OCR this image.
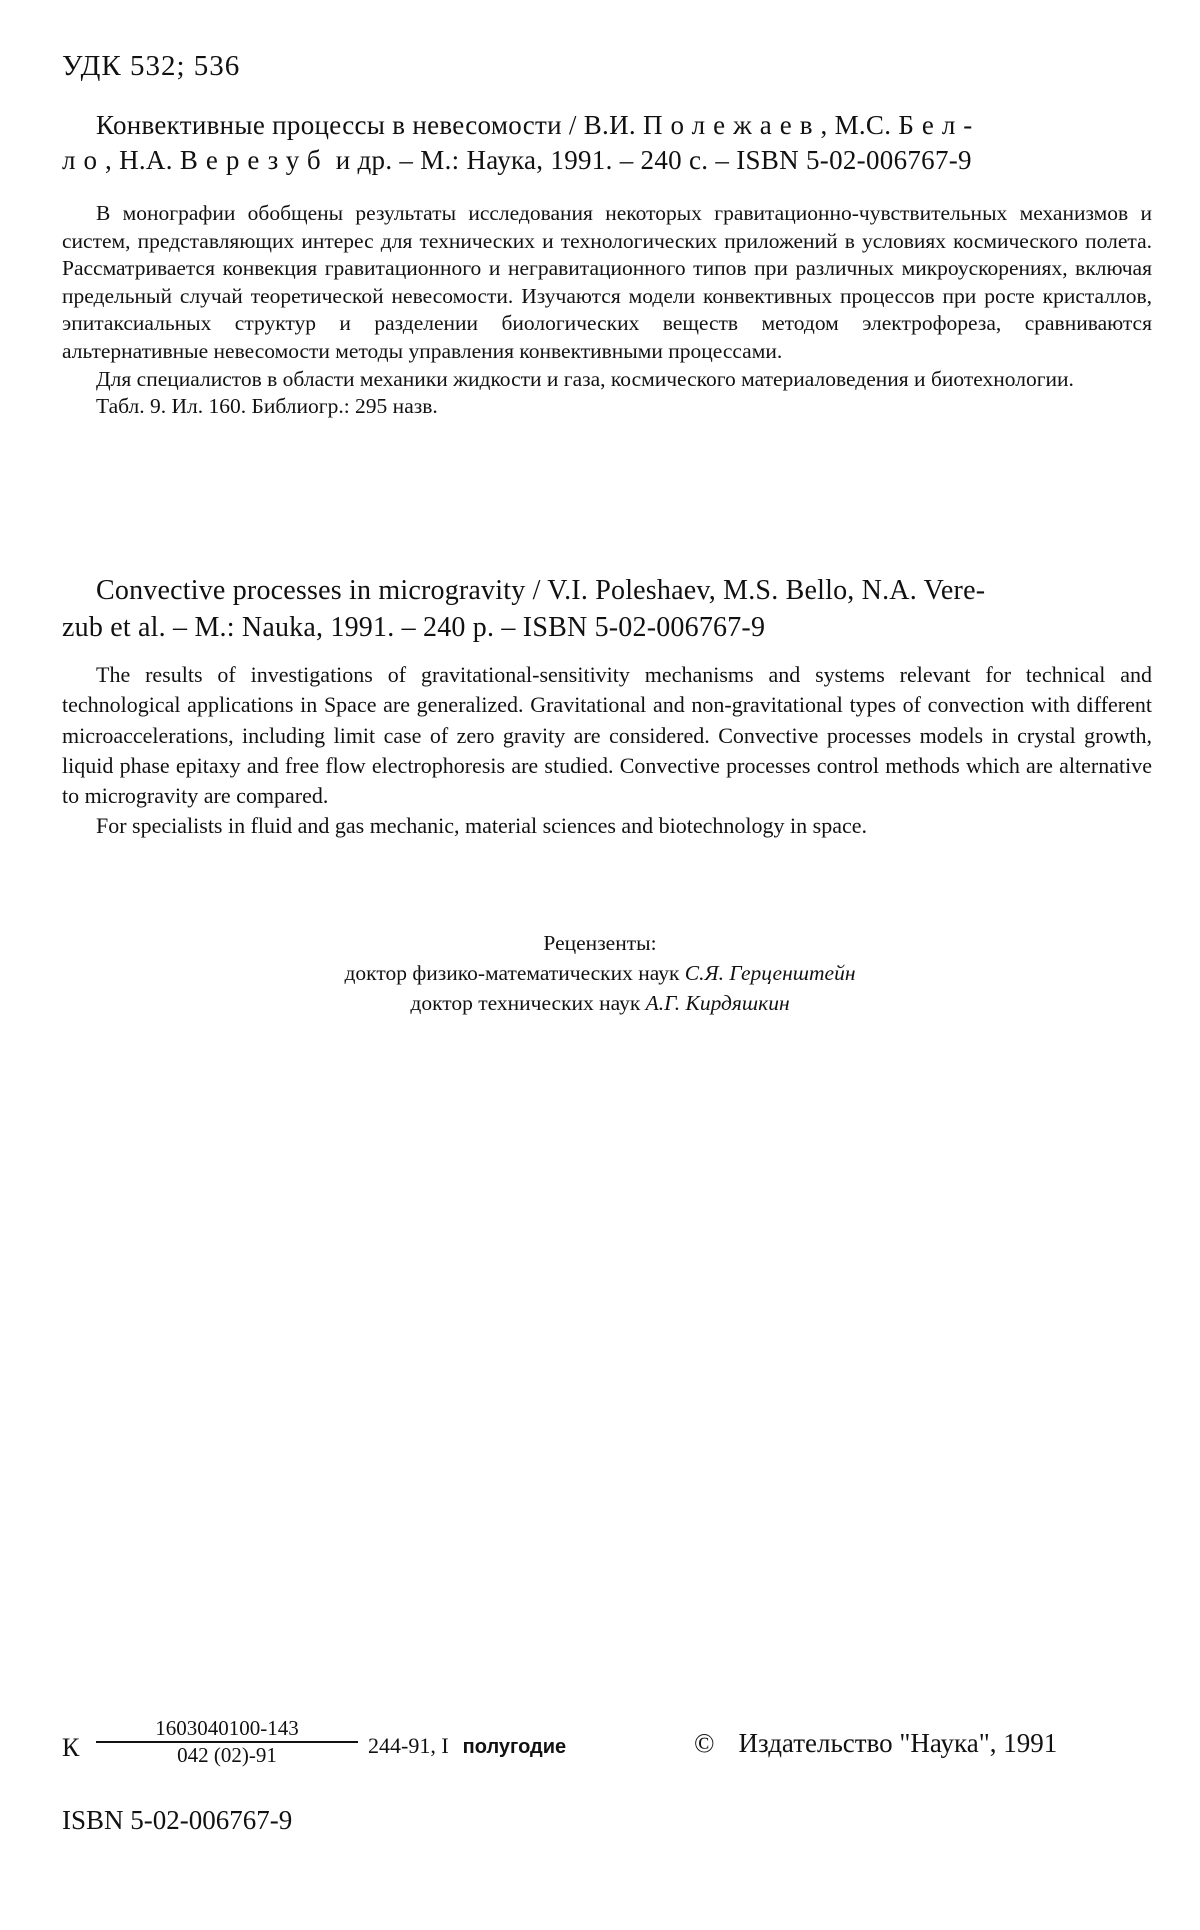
УДК 532; 536
Конвективные процессы в невесомости / В.И. Полежаев, М.С. Бел-
ло, Н.А. Верезуб и др. – М.: Наука, 1991. – 240 с. – ISBN 5-02-006767-9

В монографии обобщены результаты исследования некоторых гравитационно-чувствительных механизмов и систем, представляющих интерес для технических и технологических приложений в условиях космического полета. Рассматривается конвекция гравитационного и негравитационного типов при различных микроускорениях, включая предельный случай теоретической невесомости. Изучаются модели конвективных процессов при росте кристаллов, эпитаксиальных структур и разделении биологических веществ методом электрофореза, сравниваются альтернативные невесомости методы управления конвективными процессами.

Для специалистов в области механики жидкости и газа, космического материаловедения и биотехнологии.

Табл. 9. Ил. 160. Библиогр.: 295 назв.

Convective processes in microgravity / V.I. Poleshaev, M.S. Bello, N.A. Vere-
zub et al. – M.: Nauka, 1991. – 240 p. – ISBN 5-02-006767-9

The results of investigations of gravitational-sensitivity mechanisms and systems relevant for technical and technological applications in Space are generalized. Gravitational and non-gravitational types of convection with different microaccelerations, including limit case of zero gravity are considered. Convective processes models in crystal growth, liquid phase epitaxy and free flow electrophoresis are studied. Convective processes control methods which are alternative to microgravity are compared.

For specialists in fluid and gas mechanic, material sciences and biotechnology in space.

Рецензенты:
доктор физико-математических наук С.Я. Герценштейн
доктор технических наук А.Г. Кирдяшкин
К $\frac{1603040100-143}{042 (02)-91} 244-91$, I полугодие	© Издательство "Наука", 1991
ISBN 5-02-006767-9
